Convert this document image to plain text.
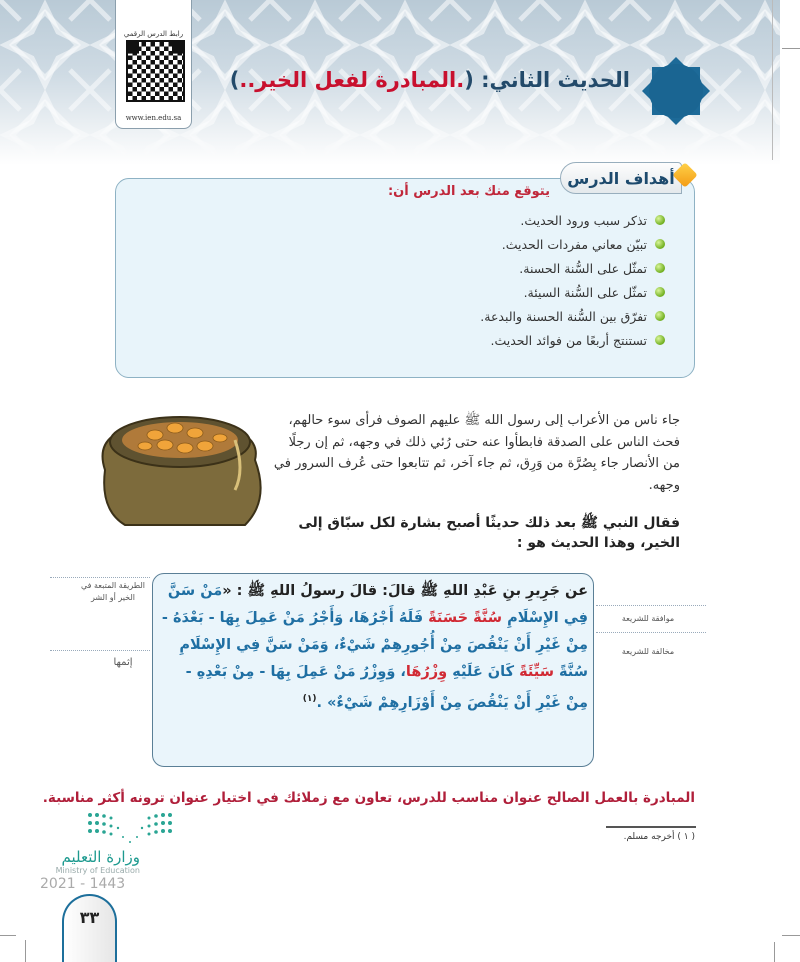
رابط الدرس الرقمي
www.ien.edu.sa
الحديث الثاني: (.المبادرة لفعل الخير..)
أهداف الدرس
يتوقع منك بعد الدرس أن:
تذكر سبب ورود الحديث.
تبيّن معاني مفردات الحديث.
تمثّل على السُّنة الحسنة.
تمثّل على السُّنة السيئة.
تفرّق بين السُّنة الحسنة والبدعة.
تستنتج أربعًا من فوائد الحديث.
جاء ناس من الأعراب إلى رسول الله ﷺ عليهم الصوف فرأى سوء حالهم، فحث الناس على الصدقة فابطأوا عنه حتى رُئي ذلك في وجهه، ثم إن رجلًا من الأنصار جاء بِصُرَّة من وَرِق، ثم جاء آخر، ثم تتابعوا حتى عُرف السرور في وجهه.
فقال النبي ﷺ بعد ذلك حديثًا أصبح بشارة لكل سبّاق إلى الخير، وهذا الحديث هو :
عن جَرِيرِ بنِ عَبْدِ اللهِ ﷺ قالَ: قالَ رسولُ اللهِ ﷺ : «مَنْ سَنَّ فِي الإِسْلَامِ سُنَّةً حَسَنَةً فَلَهُ أَجْرُهَا، وَأَجْرُ مَنْ عَمِلَ بِهَا - بَعْدَهُ - مِنْ غَيْرِ أَنْ يَنْقُصَ مِنْ أُجُورِهِمْ شَيْءٌ، وَمَنْ سَنَّ فِي الإِسْلَامِ سُنَّةً سَيِّئَةً كَانَ عَلَيْهِ وِزْرُهَا، وَوِزْرُ مَنْ عَمِلَ بِهَا - مِنْ بَعْدِهِ - مِنْ غَيْرِ أَنْ يَنْقُصَ مِنْ أَوْزَارِهِمْ شَيْءٌ» .$^{(١)}$
الطريقة المتبعة في الخير أو الشر
موافقة للشريعة
مخالفة للشريعة
إثمها
المبادرة بالعمل الصالح عنوان مناسب للدرس، تعاون مع زملائك في اختيار عنوان ترونه أكثر مناسبة.
( ١ ) أخرجه مسلم.
وزارة التعليم
Ministry of Education
2021 - 1443
٣٣
